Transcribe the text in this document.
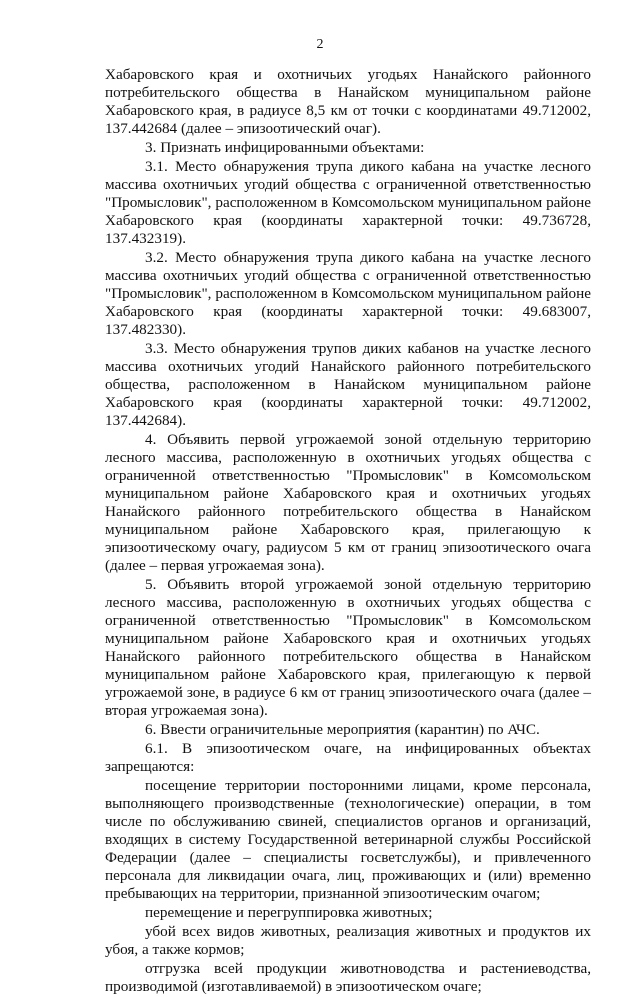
2

Хабаровского края и охотничьих угодьях Нанайского районного потребительского общества в Нанайском муниципальном районе Хабаровского края, в радиусе 8,5 км от точки с координатами 49.712002, 137.442684 (далее – эпизоотический очаг).

3. Признать инфицированными объектами:

3.1. Место обнаружения трупа дикого кабана на участке лесного массива охотничьих угодий общества с ограниченной ответственностью "Промысловик", расположенном в Комсомольском муниципальном районе Хабаровского края (координаты характерной точки: 49.736728, 137.432319).

3.2. Место обнаружения трупа дикого кабана на участке лесного массива охотничьих угодий общества с ограниченной ответственностью "Промысловик", расположенном в Комсомольском муниципальном районе Хабаровского края (координаты характерной точки: 49.683007, 137.482330).

3.3. Место обнаружения трупов диких кабанов на участке лесного массива охотничьих угодий Нанайского районного потребительского общества, расположенном в Нанайском муниципальном районе Хабаровского края (координаты характерной точки: 49.712002, 137.442684).

4. Объявить первой угрожаемой зоной отдельную территорию лесного массива, расположенную в охотничьих угодьях общества с ограниченной ответственностью "Промысловик" в Комсомольском муниципальном районе Хабаровского края и охотничьих угодьях Нанайского районного потребительского общества в Нанайском муниципальном районе Хабаровского края, прилегающую к эпизоотическому очагу, радиусом 5 км от границ эпизоотического очага (далее – первая угрожаемая зона).

5. Объявить второй угрожаемой зоной отдельную территорию лесного массива, расположенную в охотничьих угодьях общества с ограниченной ответственностью "Промысловик" в Комсомольском муниципальном районе Хабаровского края и охотничьих угодьях Нанайского районного потребительского общества в Нанайском муниципальном районе Хабаровского края, прилегающую к первой угрожаемой зоне, в радиусе 6 км от границ эпизоотического очага (далее – вторая угрожаемая зона).

6. Ввести ограничительные мероприятия (карантин) по АЧС.

6.1. В эпизоотическом очаге, на инфицированных объектах запрещаются:

посещение территории посторонними лицами, кроме персонала, выполняющего производственные (технологические) операции, в том числе по обслуживанию свиней, специалистов органов и организаций, входящих в систему Государственной ветеринарной службы Российской Федерации (далее – специалисты госветслужбы), и привлеченного персонала для ликвидации очага, лиц, проживающих и (или) временно пребывающих на территории, признанной эпизоотическим очагом;

перемещение и перегруппировка животных;

убой всех видов животных, реализация животных и продуктов их убоя, а также кормов;

отгрузка всей продукции животноводства и растениеводства, производимой (изготавливаемой) в эпизоотическом очаге;
